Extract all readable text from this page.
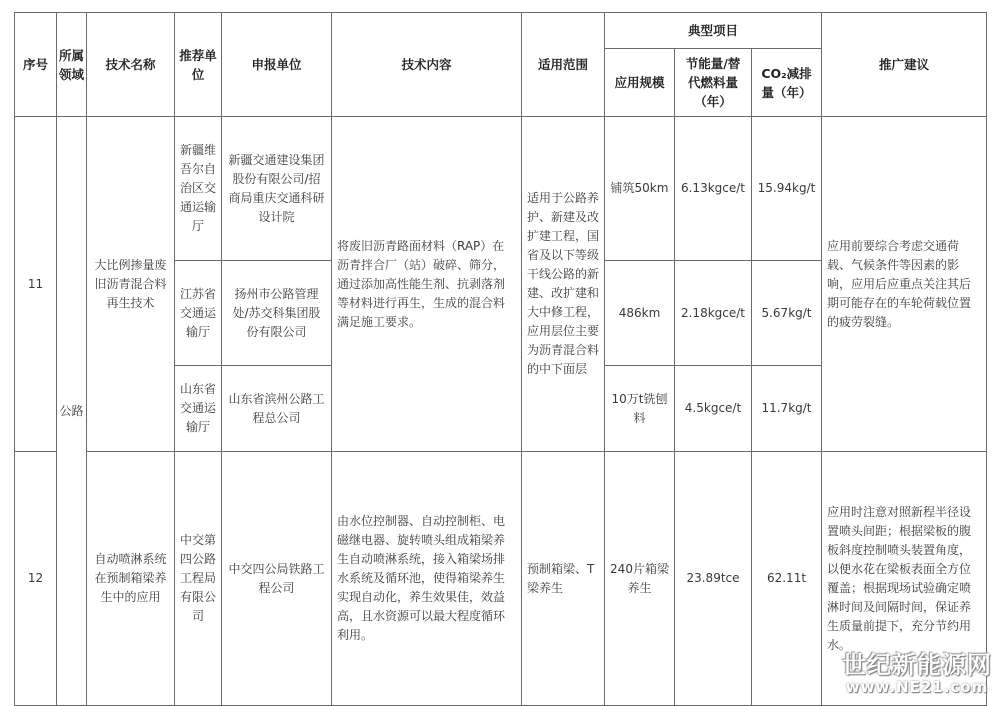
序号	所属领域	技术名称	推荐单位	申报单位	技术内容	适用范围	典型项目			推广建议
							应用规模	节能量/替代燃料量（年）	CO₂减排量（年）	
11	公路	大比例掺量废旧沥青混合料再生技术	新疆维吾尔自治区交通运输厅	新疆交通建设集团股份有限公司/招商局重庆交通科研设计院	将废旧沥青路面材料（RAP）在沥青拌合厂（站）破碎、筛分，通过添加高性能生剂、抗剥落剂等材料进行再生，生成的混合料满足施工要求。	适用于公路养护、新建及改扩建工程，国省及以下等级干线公路的新建、改扩建和大中修工程，应用层位主要为沥青混合料的中下面层	铺筑50km	6.13kgce/t	15.94kg/t	应用前要综合考虑交通荷载、气候条件等因素的影响，应用后应重点关注其后期可能存在的车轮荷载位置的疲劳裂缝。
			江苏省交通运输厅	扬州市公路管理处/苏交科集团股份有限公司			486km	2.18kgce/t	5.67kg/t	
			山东省交通运输厅	山东省滨州公路工程总公司			10万t铣刨料	4.5kgce/t	11.7kg/t	
12		自动喷淋系统在预制箱梁养生中的应用	中交第四公路工程局有限公司	中交四公局铁路工程公司	由水位控制器、自动控制柜、电磁继电器、旋转喷头组成箱梁养生自动喷淋系统，接入箱梁场排水系统及循环池，使得箱梁养生实现自动化，养生效果佳，效益高，且水资源可以最大程度循环利用。	预制箱梁、T梁养生	240片箱梁养生	23.89tce	62.11t	应用时注意对照新程半径设置喷头间距；根据梁板的腹板斜度控制喷头装置角度，以便水花在梁板表面全方位覆盖；根据现场试验确定喷淋时间及间隔时间，保证养生质量前提下，充分节约用水。
世纪新能源网
www.NE21.com
